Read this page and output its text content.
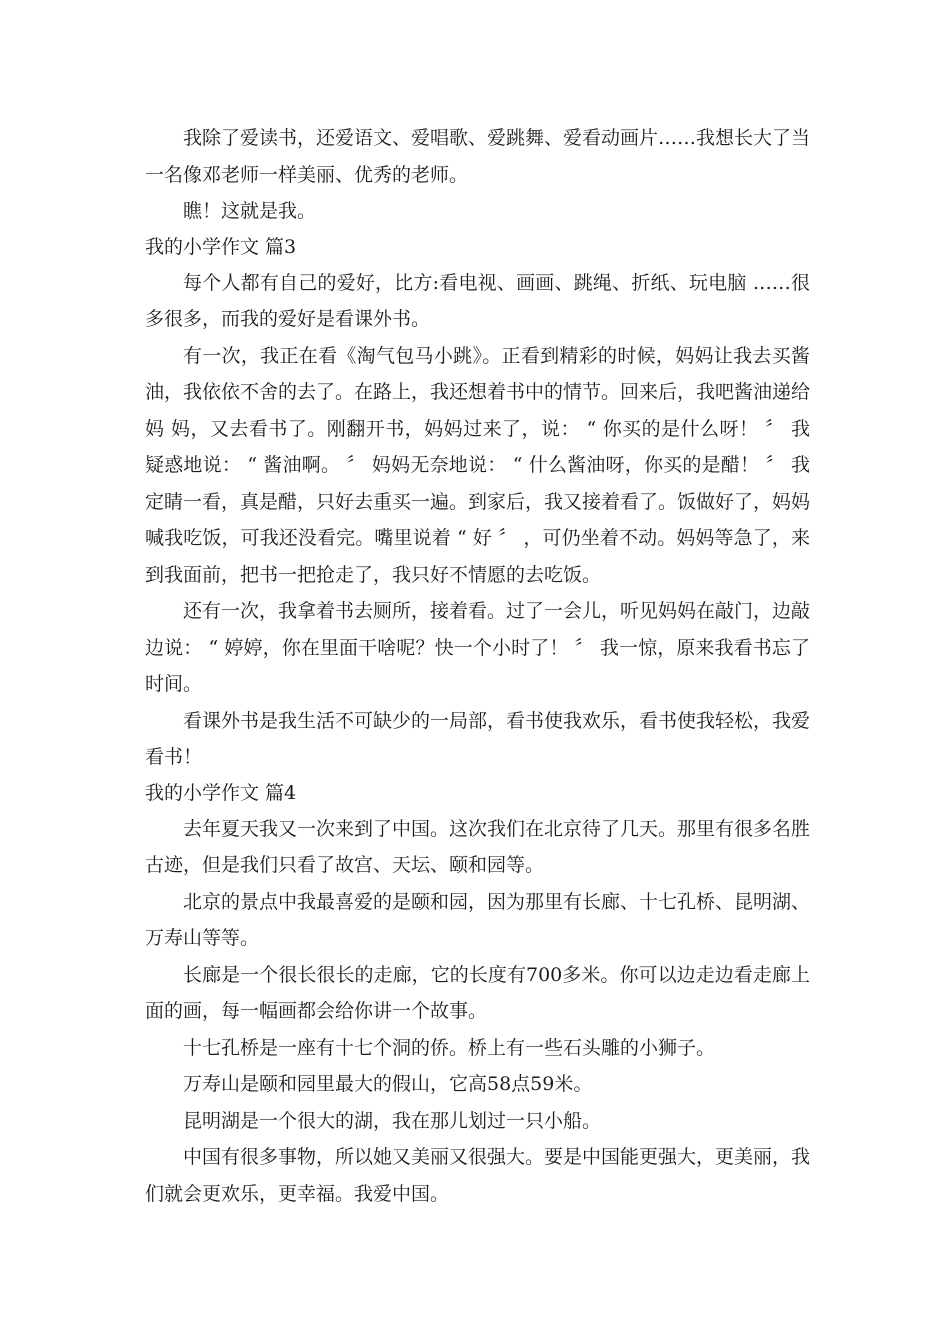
我除了爱读书，还爱语文、爱唱歌、爱跳舞、爱看动画片……我想长大了当一名像邓老师一样美丽、优秀的老师。

瞧！这就是我。

我的小学作文 篇3

每个人都有自己的爱好，比方:看电视、画画、跳绳、折纸、玩电脑 ……很多很多，而我的爱好是看课外书。

有一次，我正在看《淘气包马小跳》。正看到精彩的时候，妈妈让我去买酱油，我依依不舍的去了。在路上，我还想着书中的情节。回来后，我吧酱油递给妈 妈，又去看书了。刚翻开书，妈妈过来了，说： “ 你买的是什么呀！ 〞 我疑惑地说： “ 酱油啊。 〞 妈妈无奈地说： “ 什么酱油呀，你买的是醋！ 〞 我定睛一看，真是醋，只好去重买一遍。到家后，我又接着看了。饭做好了，妈妈喊我吃饭，可我还没看完。嘴里说着 “ 好 〞 ，可仍坐着不动。妈妈等急了，来到我面前，把书一把抢走了，我只好不情愿的去吃饭。

还有一次，我拿着书去厕所，接着看。过了一会儿，听见妈妈在敲门，边敲边说： “ 婷婷，你在里面干啥呢？快一个小时了！ 〞 我一惊，原来我看书忘了时间。

看课外书是我生活不可缺少的一局部，看书使我欢乐，看书使我轻松，我爱看书！

我的小学作文 篇4

去年夏天我又一次来到了中国。这次我们在北京待了几天。那里有很多名胜古迹，但是我们只看了故宫、天坛、颐和园等。

北京的景点中我最喜爱的是颐和园，因为那里有长廊、十七孔桥、昆明湖、万寿山等等。

长廊是一个很长很长的走廊，它的长度有700多米。你可以边走边看走廊上面的画，每一幅画都会给你讲一个故事。

十七孔桥是一座有十七个洞的侨。桥上有一些石头雕的小狮子。

万寿山是颐和园里最大的假山，它高58点59米。

昆明湖是一个很大的湖，我在那儿划过一只小船。

中国有很多事物，所以她又美丽又很强大。要是中国能更强大，更美丽，我们就会更欢乐，更幸福。我爱中国。
